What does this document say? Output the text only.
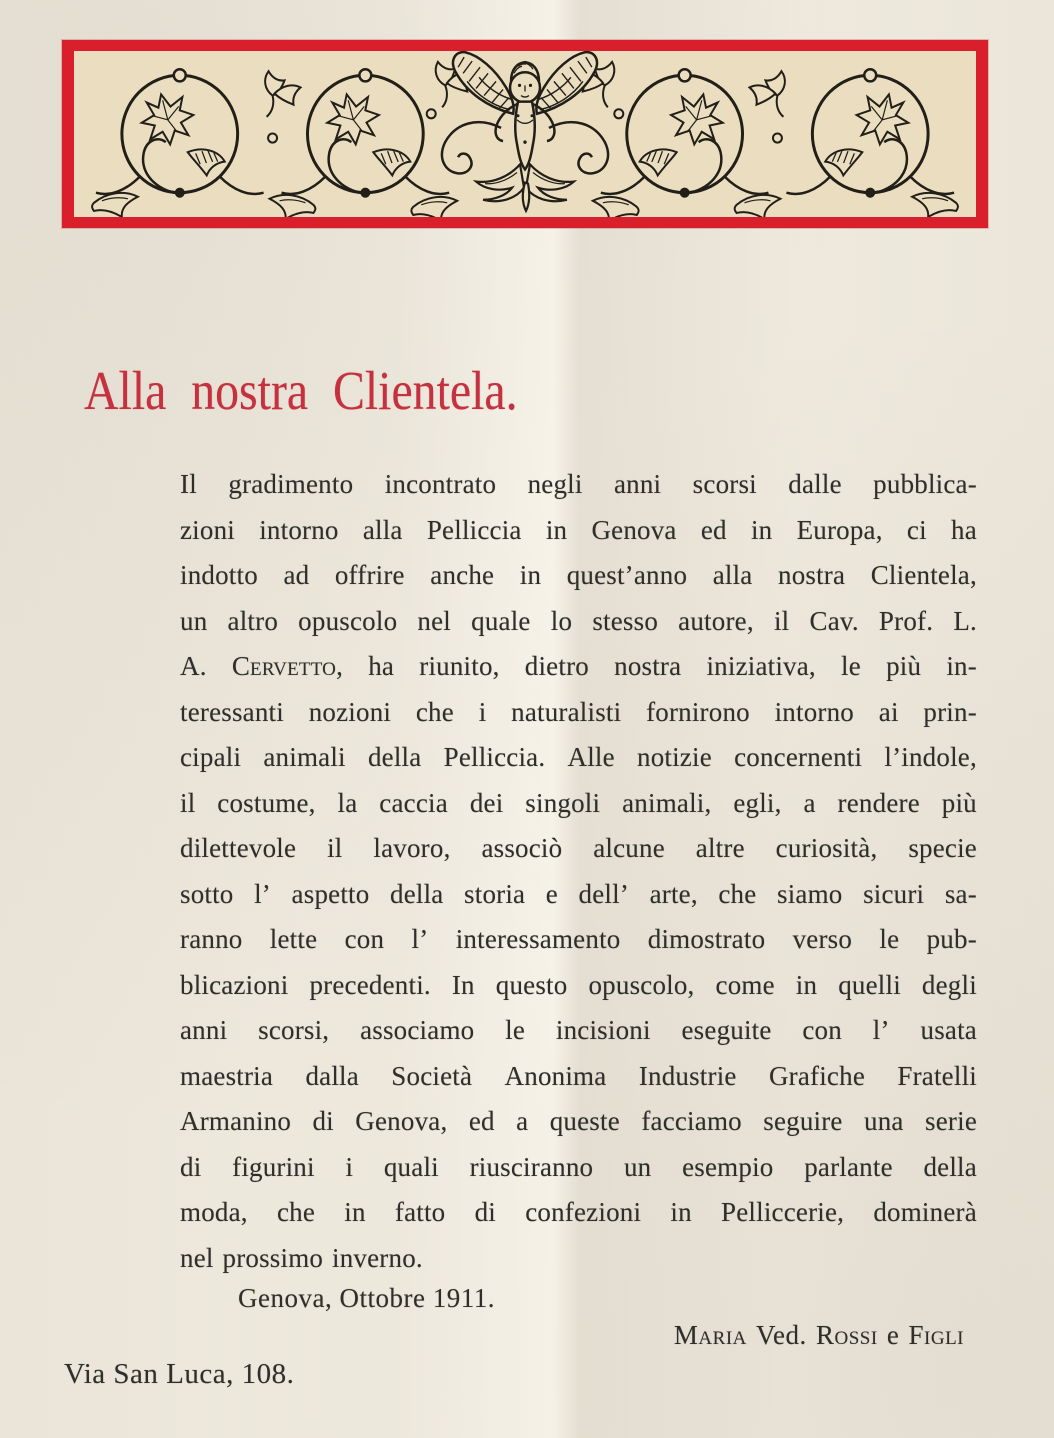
Alla nostra Clientela.
Il gradimento incontrato negli anni scorsi dalle pubblica-
zioni intorno alla Pelliccia in Genova ed in Europa, ci ha
indotto ad offrire anche in quest’anno alla nostra Clientela,
un altro opuscolo nel quale lo stesso autore, il Cav. Prof. L.
A. Cervetto, ha riunito, dietro nostra iniziativa, le più in-
teressanti nozioni che i naturalisti fornirono intorno ai prin-
cipali animali della Pelliccia. Alle notizie concernenti l’indole,
il costume, la caccia dei singoli animali, egli, a rendere più
dilettevole il lavoro, associò alcune altre curiosità, specie
sotto l’ aspetto della storia e dell’ arte, che siamo sicuri sa-
ranno lette con l’ interessamento dimostrato verso le pub-
blicazioni precedenti. In questo opuscolo, come in quelli degli
anni scorsi, associamo le incisioni eseguite con l’ usata
maestria dalla Società Anonima Industrie Grafiche Fratelli
Armanino di Genova, ed a queste facciamo seguire una serie
di figurini i quali riusciranno un esempio parlante della
moda, che in fatto di confezioni in Pelliccerie, dominerà
nel prossimo inverno.
Genova, Ottobre 1911.
Maria Ved. Rossi e Figli
Via San Luca, 108.
